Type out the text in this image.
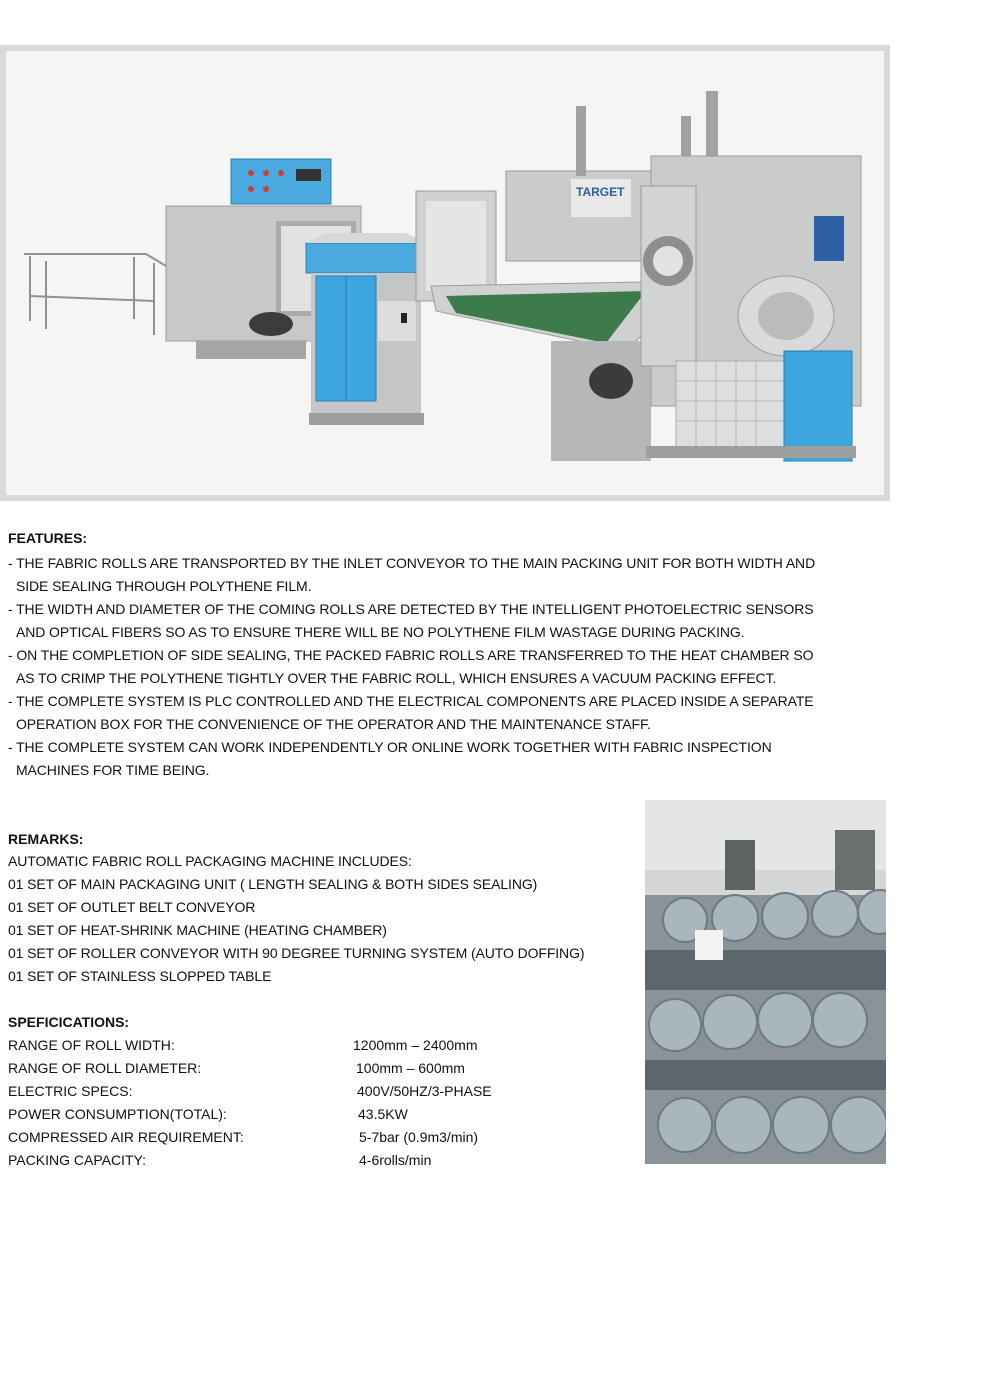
TARGET
FEATURES:
- THE FABRIC ROLLS ARE TRANSPORTED BY THE INLET CONVEYOR TO THE MAIN PACKING UNIT FOR BOTH WIDTH AND
SIDE SEALING THROUGH POLYTHENE FILM.
- THE WIDTH AND DIAMETER OF THE COMING ROLLS ARE DETECTED BY THE INTELLIGENT PHOTOELECTRIC SENSORS
AND OPTICAL FIBERS SO AS TO ENSURE THERE WILL BE NO POLYTHENE FILM WASTAGE DURING PACKING.
- ON THE COMPLETION OF SIDE SEALING, THE PACKED FABRIC ROLLS ARE TRANSFERRED TO THE HEAT CHAMBER SO
AS TO CRIMP THE POLYTHENE TIGHTLY OVER THE FABRIC ROLL, WHICH ENSURES A VACUUM PACKING EFFECT.
- THE COMPLETE SYSTEM IS PLC CONTROLLED AND THE ELECTRICAL COMPONENTS ARE PLACED INSIDE A SEPARATE
OPERATION BOX FOR THE CONVENIENCE OF THE OPERATOR AND THE MAINTENANCE STAFF.
- THE COMPLETE SYSTEM CAN WORK INDEPENDENTLY OR ONLINE WORK TOGETHER WITH FABRIC INSPECTION
MACHINES FOR TIME BEING.
REMARKS:
AUTOMATIC FABRIC ROLL PACKAGING MACHINE INCLUDES:
01 SET OF MAIN PACKAGING UNIT ( LENGTH SEALING & BOTH SIDES SEALING)
01 SET OF OUTLET BELT CONVEYOR
01 SET OF HEAT-SHRINK MACHINE (HEATING CHAMBER)
01 SET OF ROLLER CONVEYOR WITH 90 DEGREE TURNING SYSTEM (AUTO DOFFING)
01 SET OF STAINLESS SLOPPED TABLE
SPEFICICATIONS:
RANGE OF ROLL WIDTH:	1200mm – 2400mm
RANGE OF ROLL DIAMETER:	100mm – 600mm
ELECTRIC SPECS:	400V/50HZ/3-PHASE
POWER CONSUMPTION(TOTAL):	43.5KW
COMPRESSED AIR REQUIREMENT:	5-7bar (0.9m3/min)
PACKING CAPACITY:	4-6rolls/min
